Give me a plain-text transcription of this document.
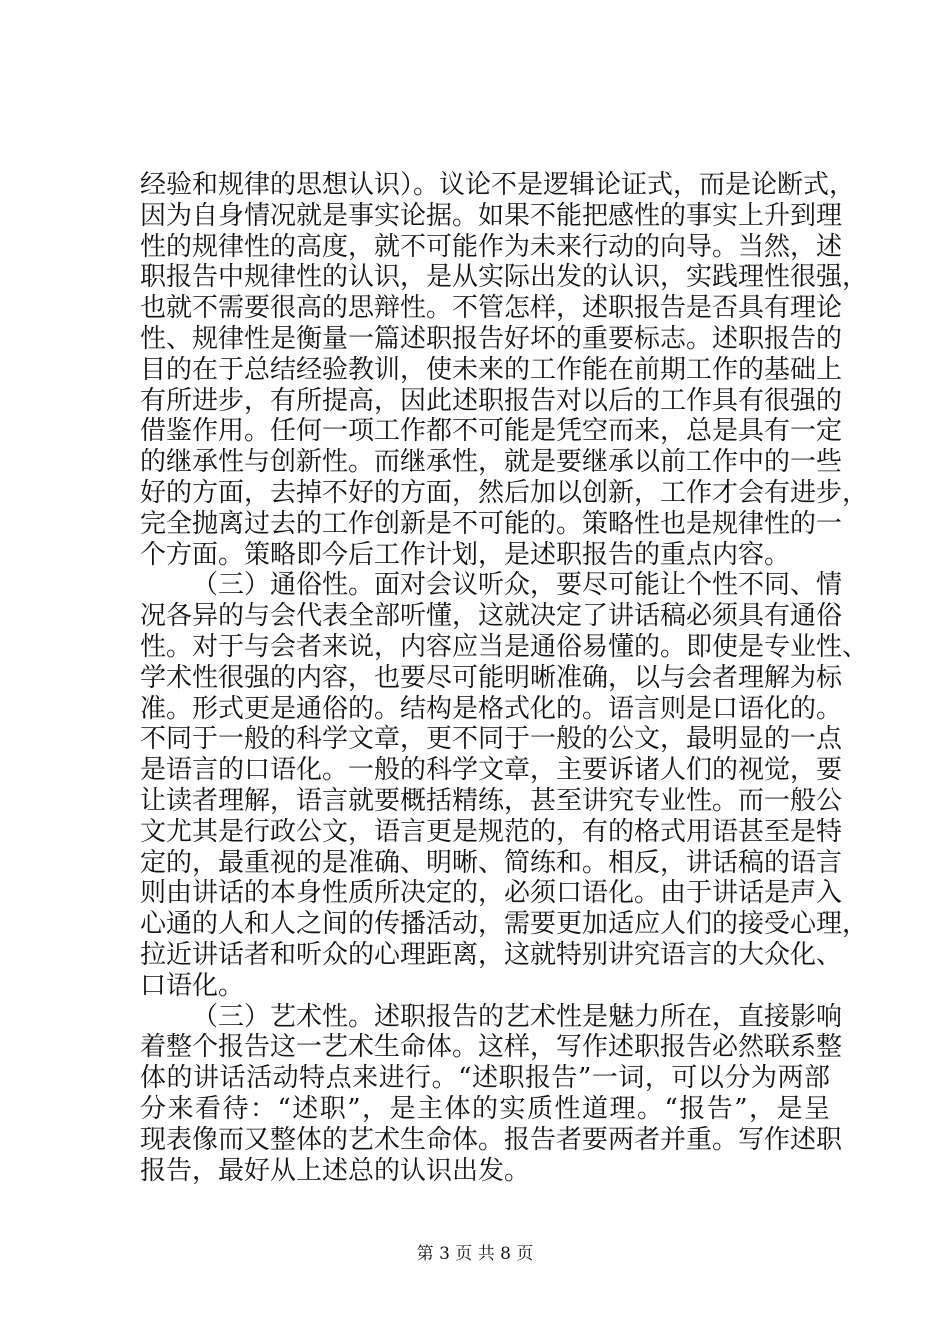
经验和规律的思想认识）。议论不是逻辑论证式，而是论断式，
因为自身情况就是事实论据。如果不能把感性的事实上升到理
性的规律性的高度，就不可能作为未来行动的向导。当然，述
职报告中规律性的认识，是从实际出发的认识，实践理性很强，
也就不需要很高的思辩性。不管怎样，述职报告是否具有理论
性、规律性是衡量一篇述职报告好坏的重要标志。述职报告的
目的在于总结经验教训，使未来的工作能在前期工作的基础上
有所进步，有所提高，因此述职报告对以后的工作具有很强的
借鉴作用。任何一项工作都不可能是凭空而来，总是具有一定
的继承性与创新性。而继承性，就是要继承以前工作中的一些
好的方面，去掉不好的方面，然后加以创新，工作才会有进步，
完全抛离过去的工作创新是不可能的。策略性也是规律性的一
个方面。策略即今后工作计划，是述职报告的重点内容。
（三）通俗性。面对会议听众，要尽可能让个性不同、情
况各异的与会代表全部听懂，这就决定了讲话稿必须具有通俗
性。对于与会者来说，内容应当是通俗易懂的。即使是专业性、
学术性很强的内容，也要尽可能明晰准确，以与会者理解为标
准。形式更是通俗的。结构是格式化的。语言则是口语化的。
不同于一般的科学文章，更不同于一般的公文，最明显的一点
是语言的口语化。一般的科学文章，主要诉诸人们的视觉，要
让读者理解，语言就要概括精练，甚至讲究专业性。而一般公
文尤其是行政公文，语言更是规范的，有的格式用语甚至是特
定的，最重视的是准确、明晰、简练和。相反，讲话稿的语言
则由讲话的本身性质所决定的，必须口语化。由于讲话是声入
心通的人和人之间的传播活动，需要更加适应人们的接受心理，
拉近讲话者和听众的心理距离，这就特别讲究语言的大众化、
口语化。
（三）艺术性。述职报告的艺术性是魅力所在，直接影响
着整个报告这一艺术生命体。这样，写作述职报告必然联系整
体的讲话活动特点来进行。“述职报告”一词，可以分为两部
分来看待：“述职”，是主体的实质性道理。“报告”，是呈
现表像而又整体的艺术生命体。报告者要两者并重。写作述职
报告，最好从上述总的认识出发。
第 3 页 共 8 页
